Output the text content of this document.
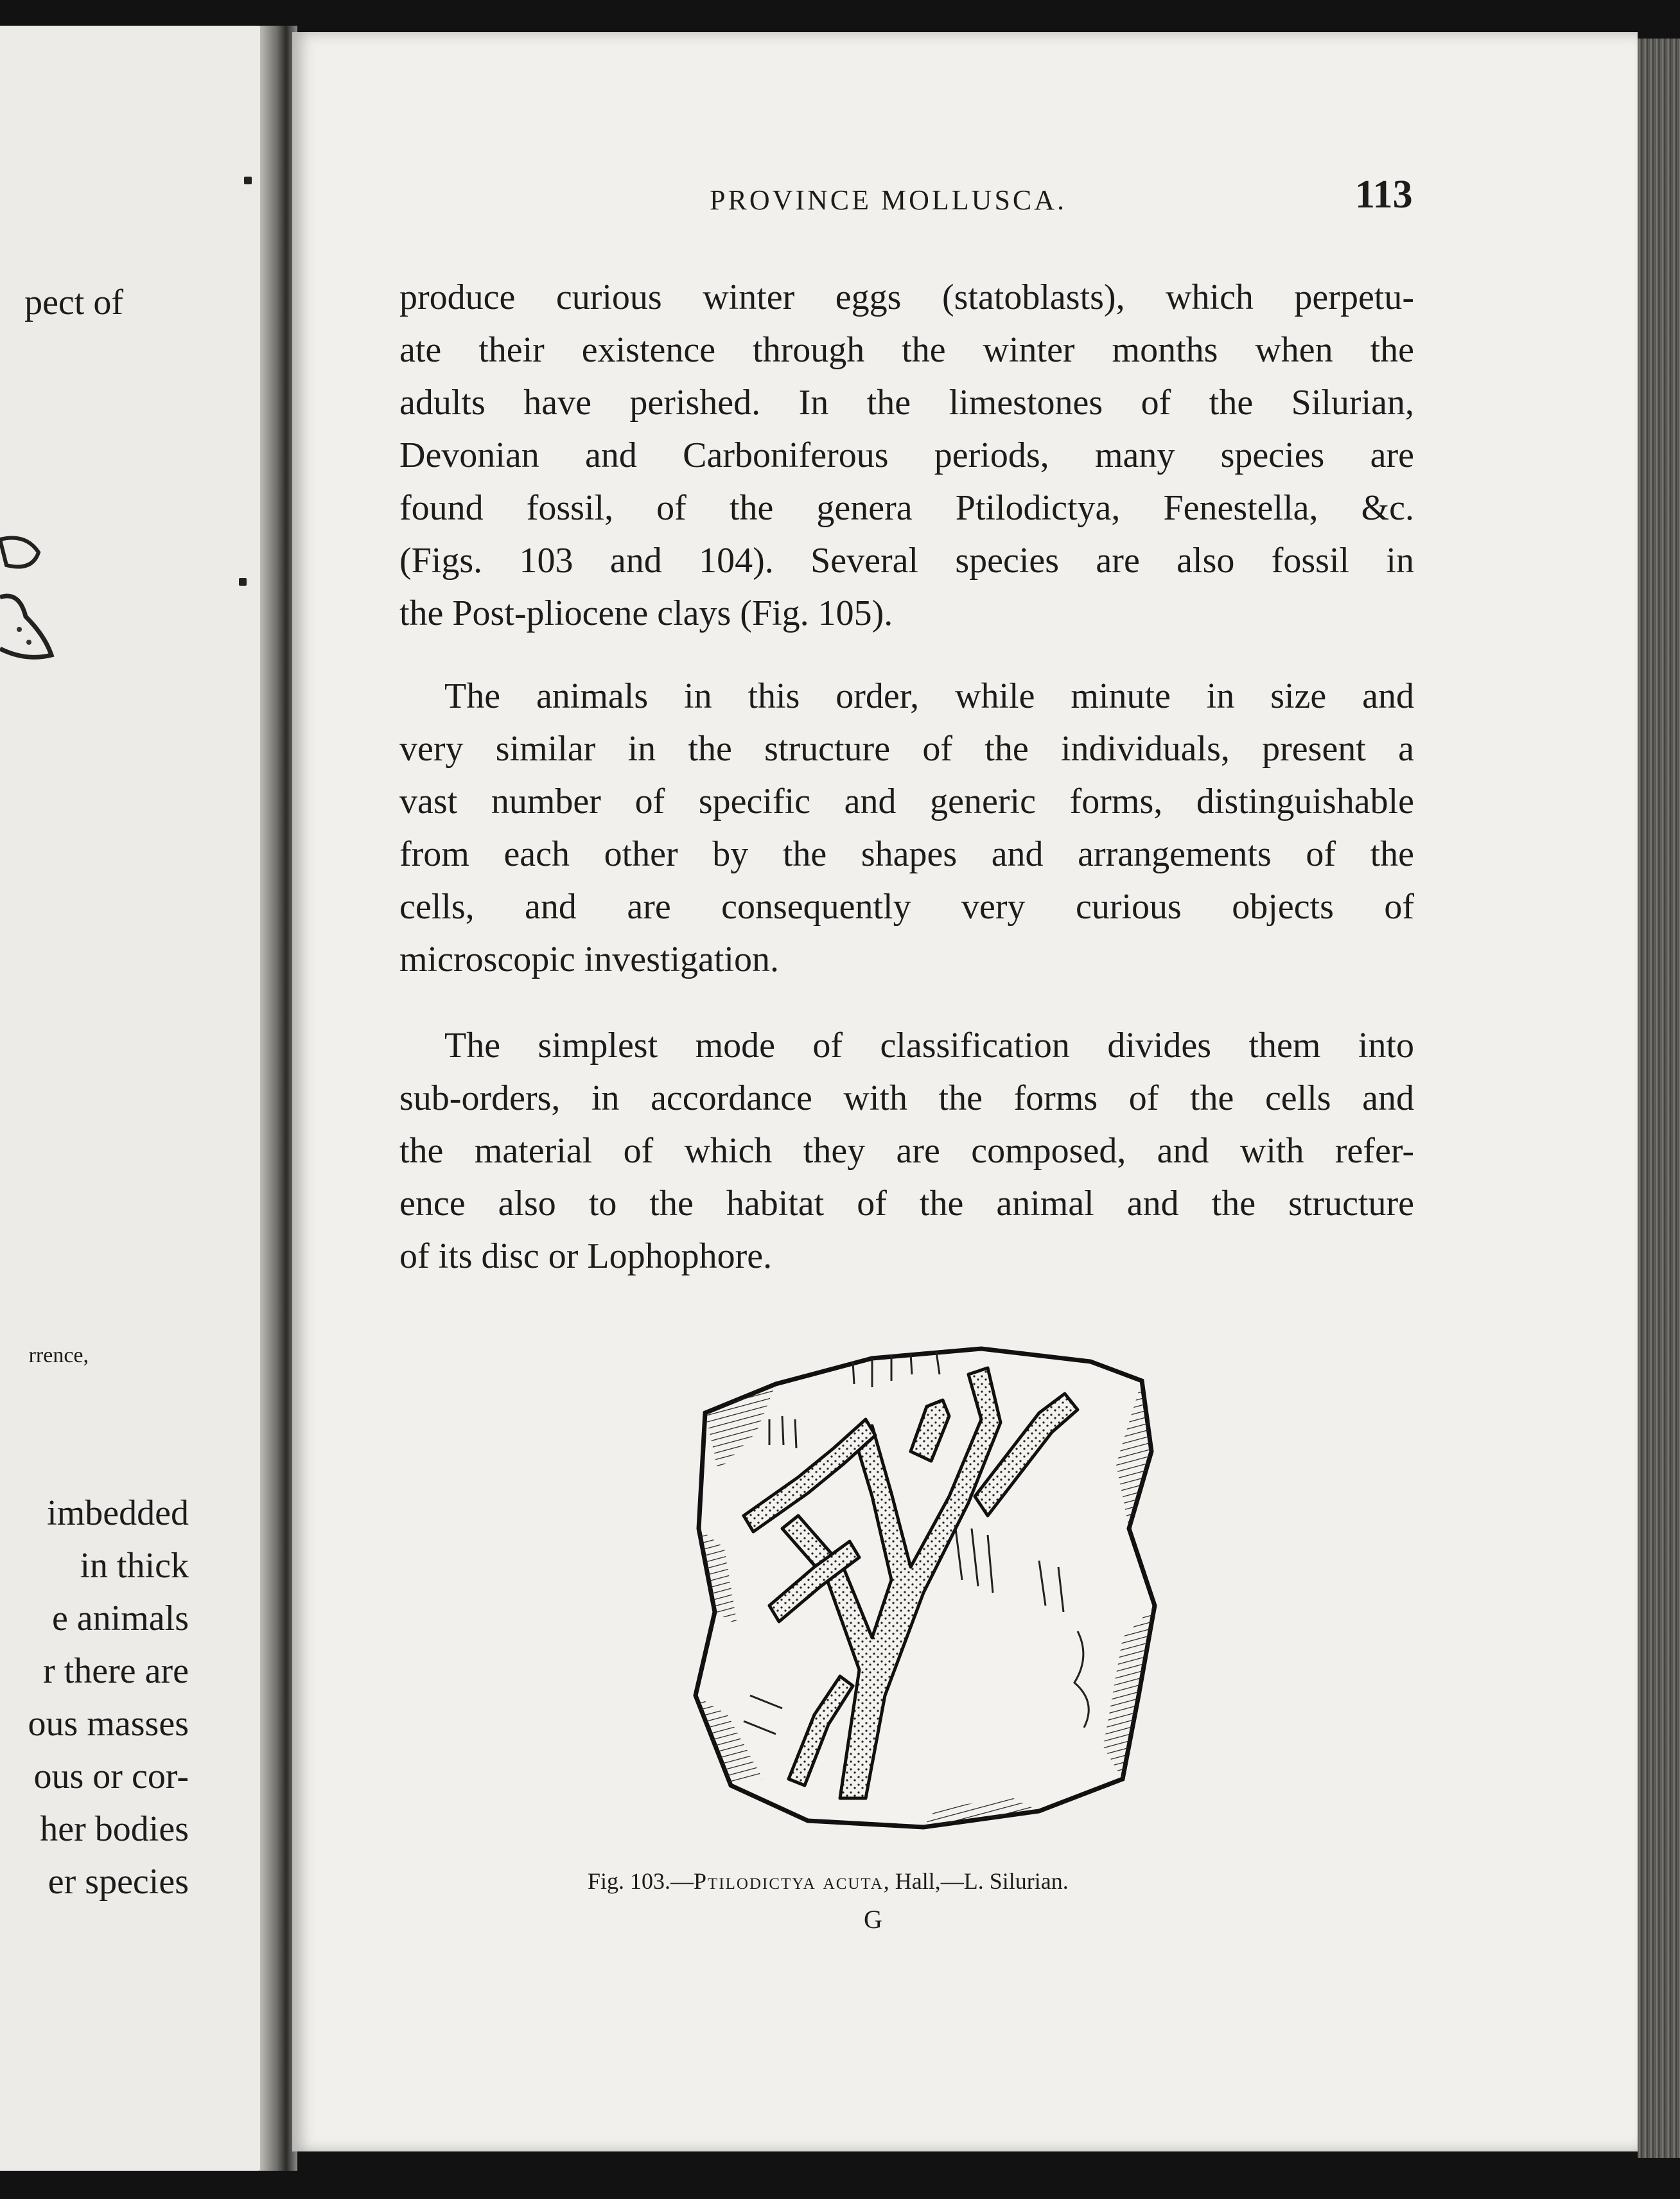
pect of
rrence,
imbedded
in thick
e animals
r there are
ous masses
ous or cor-
her bodies
er species
PROVINCE MOLLUSCA.	113

produce curious winter eggs (statoblasts), which perpetu-
ate their existence through the winter months when the
adults have perished. In the limestones of the Silurian,
Devonian and Carboniferous periods, many species are
found fossil, of the genera Ptilodictya, Fenestella, &c.
(Figs. 103 and 104). Several species are also fossil in
the Post-pliocene clays (Fig. 105).

The animals in this order, while minute in size and
very similar in the structure of the individuals, present a
vast number of specific and generic forms, distinguishable
from each other by the shapes and arrangements of the
cells, and are consequently very curious objects of
microscopic investigation.

The simplest mode of classification divides them into
sub-orders, in accordance with the forms of the cells and
the material of which they are composed, and with refer-
ence also to the habitat of the animal and the structure
of its disc or Lophophore.

Fig. 103.—Ptilodictya acuta, Hall,—L. Silurian.
G
